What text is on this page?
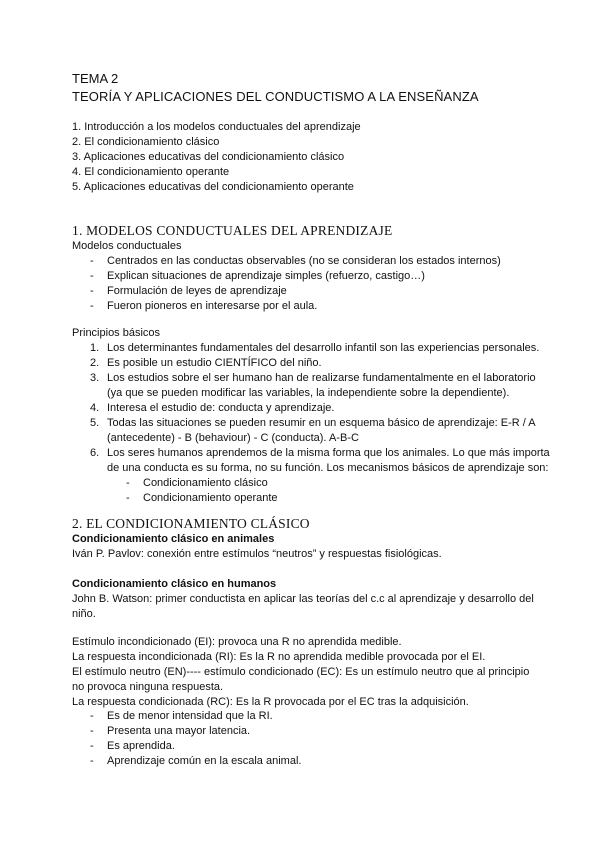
TEMA 2
TEORÍA Y APLICACIONES DEL CONDUCTISMO A LA ENSEÑANZA
1. Introducción a los modelos conductuales del aprendizaje
2. El condicionamiento clásico
3. Aplicaciones educativas del condicionamiento clásico
4. El condicionamiento operante
5. Aplicaciones educativas del condicionamiento operante
1. MODELOS CONDUCTUALES DEL APRENDIZAJE
Modelos conductuales
- Centrados en las conductas observables (no se consideran los estados internos)
- Explican situaciones de aprendizaje simples (refuerzo, castigo…)
- Formulación de leyes de aprendizaje
- Fueron pioneros en interesarse por el aula.
Principios básicos
1. Los determinantes fundamentales del desarrollo infantil son las experiencias personales.
2. Es posible un estudio CIENTÍFICO del niño.
3. Los estudios sobre el ser humano han de realizarse fundamentalmente en el laboratorio (ya que se pueden modificar las variables, la independiente sobre la dependiente).
4. Interesa el estudio de: conducta y aprendizaje.
5. Todas las situaciones se pueden resumir en un esquema básico de aprendizaje: E-R / A (antecedente) - B (behaviour) - C (conducta). A-B-C
6. Los seres humanos aprendemos de la misma forma que los animales. Lo que más importa de una conducta es su forma, no su función. Los mecanismos básicos de aprendizaje son:
- Condicionamiento clásico
- Condicionamiento operante
2. EL CONDICIONAMIENTO CLÁSICO
Condicionamiento clásico en animales
Iván P. Pavlov: conexión entre estímulos “neutros” y respuestas fisiológicas.
Condicionamiento clásico en humanos

John B. Watson: primer conductista en aplicar las teorías del c.c al aprendizaje y desarrollo del niño.

Estímulo incondicionado (EI): provoca una R no aprendida medible.

La respuesta incondicionada (RI): Es la R no aprendida medible provocada por el EI.

El estímulo neutro (EN)---- estímulo condicionado (EC): Es un estímulo neutro que al principio no provoca ninguna respuesta.

La respuesta condicionada (RC): Es la R provocada por el EC tras la adquisición.

- Es de menor intensidad que la RI.
- Presenta una mayor latencia.
- Es aprendida.
- Aprendizaje común en la escala animal.
